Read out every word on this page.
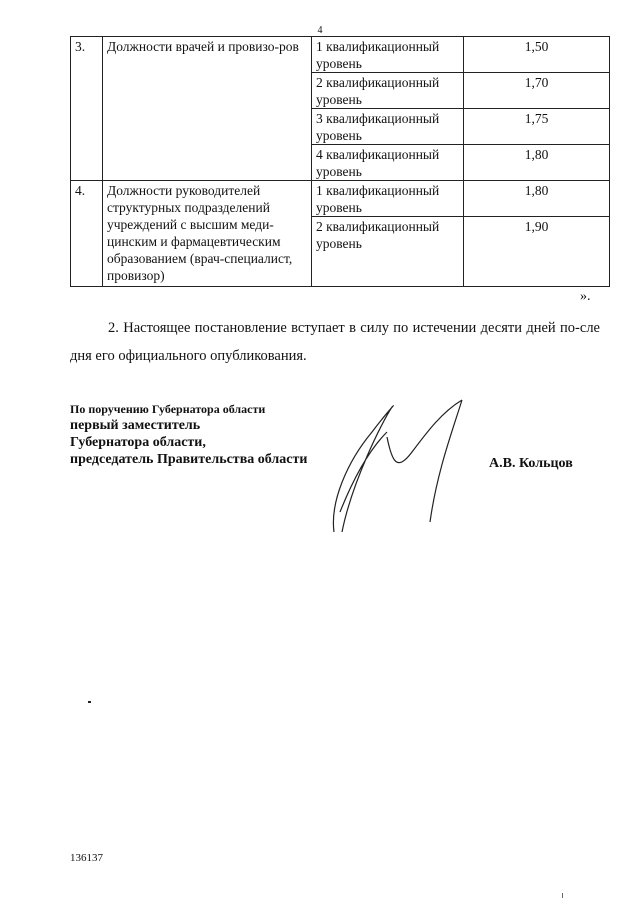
4
3.	Должности врачей и провизо-ров	1 квалификационный уровень	1,50

		2 квалификационный уровень	1,70

		3 квалификационный уровень	1,75

		4 квалификационный уровень	1,80
4.	Должности руководителей структурных подразделений учреждений с высшим меди-цинским и фармацевтическим образованием (врач-специалист, провизор)	1 квалификационный уровень	1,80

		2 квалификационный уровень	1,90
».
2. Настоящее постановление вступает в силу по истечении десяти дней по-сле дня его официального опубликования.
По поручению Губернатора области
первый заместитель
Губернатора области,
председатель Правительства области	А.В. Кольцов
136137
